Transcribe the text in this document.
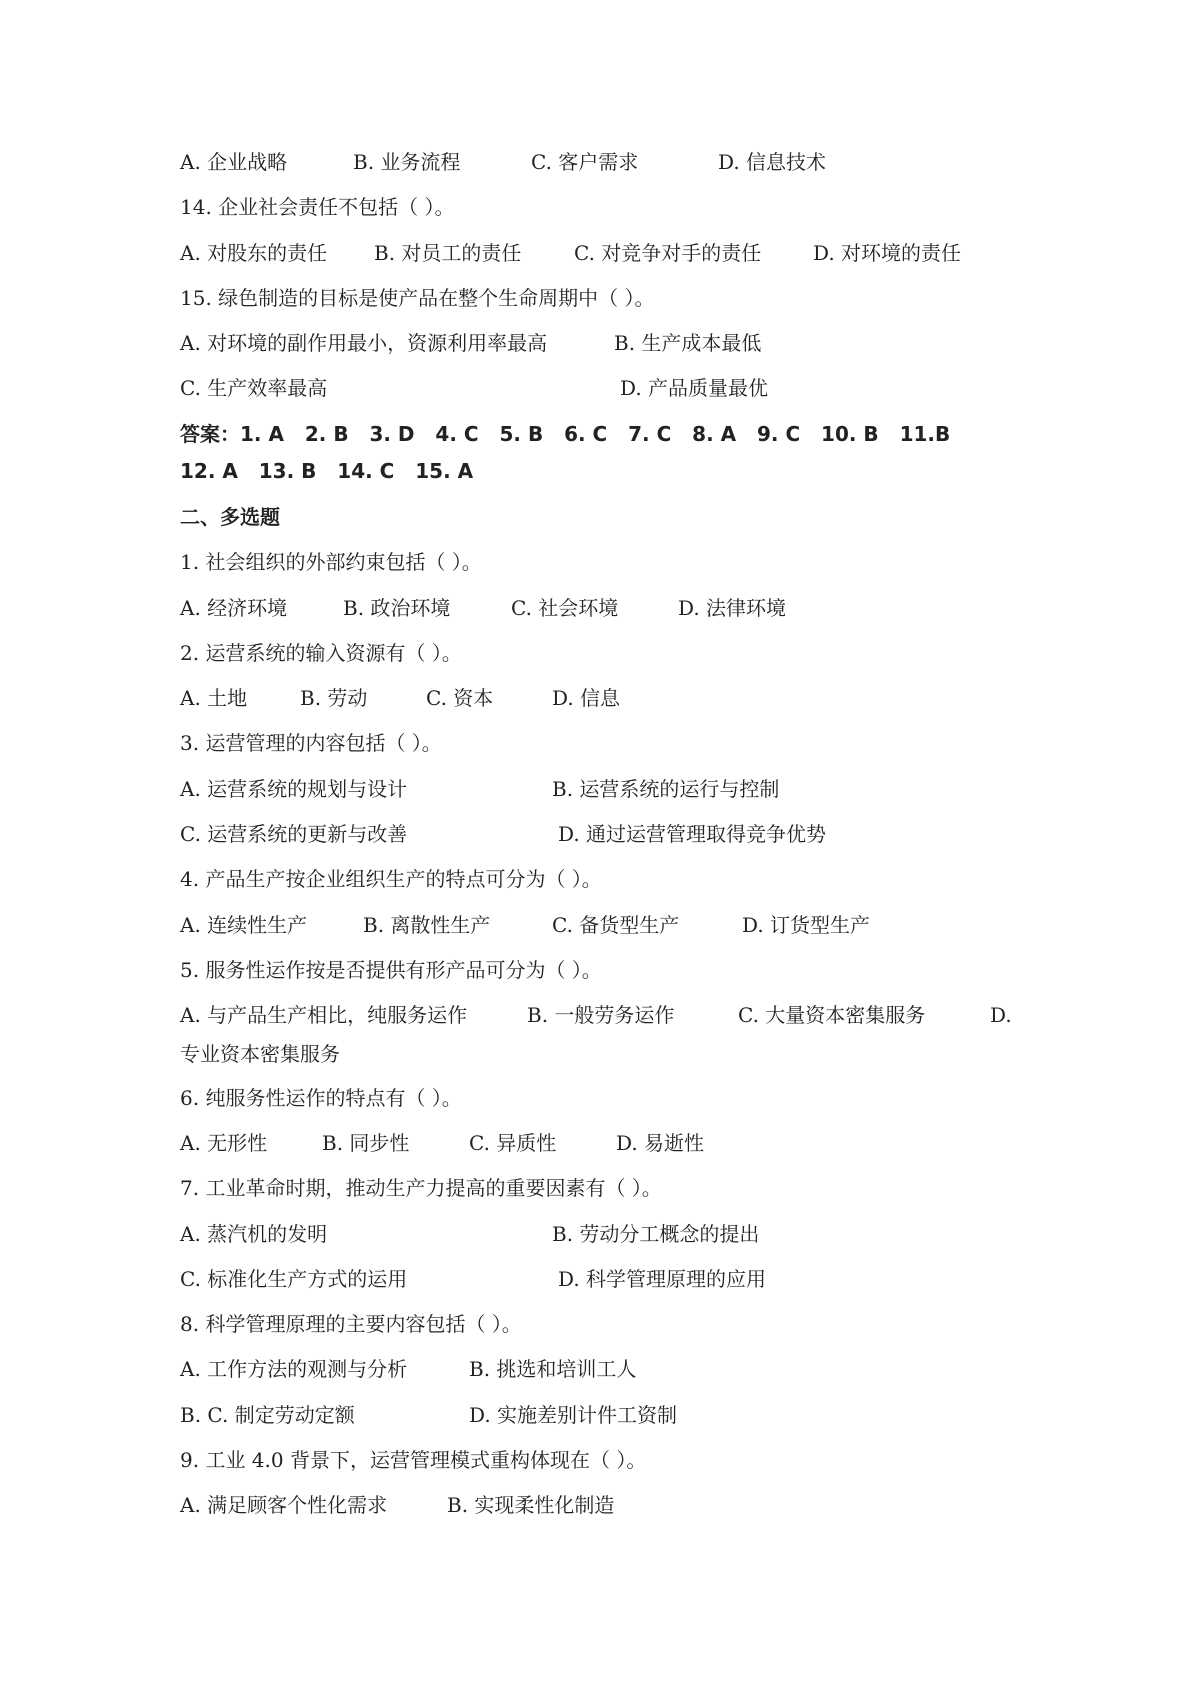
A. 企业战略	B. 业务流程	C. 客户需求	D. 信息技术
14. 企业社会责任不包括（ ）。
A. 对股东的责任 B. 对员工的责任	C. 对竞争对手的责任	D. 对环境的责任
15. 绿色制造的目标是使产品在整个生命周期中（ ）。
A. 对环境的副作用最小，资源利用率最高	B. 生产成本最低
C. 生产效率最高	D. 产品质量最优
答案：1. A   2. B   3. D   4. C   5. B   6. C   7. C   8. A   9. C   10. B   11.B
12. A   13. B   14. C   15. A
二、多选题
1. 社会组织的外部约束包括（ ）。
A. 经济环境	B. 政治环境	C. 社会环境	D. 法律环境
2. 运营系统的输入资源有（ ）。
A. 土地	B. 劳动	C. 资本	D. 信息
3. 运营管理的内容包括（ ）。
A. 运营系统的规划与设计	B. 运营系统的运行与控制
C. 运营系统的更新与改善	D. 通过运营管理取得竞争优势
4. 产品生产按企业组织生产的特点可分为（ ）。
A. 连续性生产	B. 离散性生产	C. 备货型生产	D. 订货型生产
5. 服务性运作按是否提供有形产品可分为（ ）。
A. 与产品生产相比，纯服务运作	B. 一般劳务运作	C. 大量资本密集服务	D.
专业资本密集服务
6. 纯服务性运作的特点有（ ）。
A. 无形性	B. 同步性	C. 异质性	D. 易逝性
7. 工业革命时期，推动生产力提高的重要因素有（ ）。
A. 蒸汽机的发明	B. 劳动分工概念的提出
C. 标准化生产方式的运用	D. 科学管理原理的应用
8. 科学管理原理的主要内容包括（ ）。
A. 工作方法的观测与分析	B. 挑选和培训工人
B. C. 制定劳动定额	D. 实施差别计件工资制
9. 工业 4.0 背景下，运营管理模式重构体现在（ ）。
A. 满足顾客个性化需求	B. 实现柔性化制造
